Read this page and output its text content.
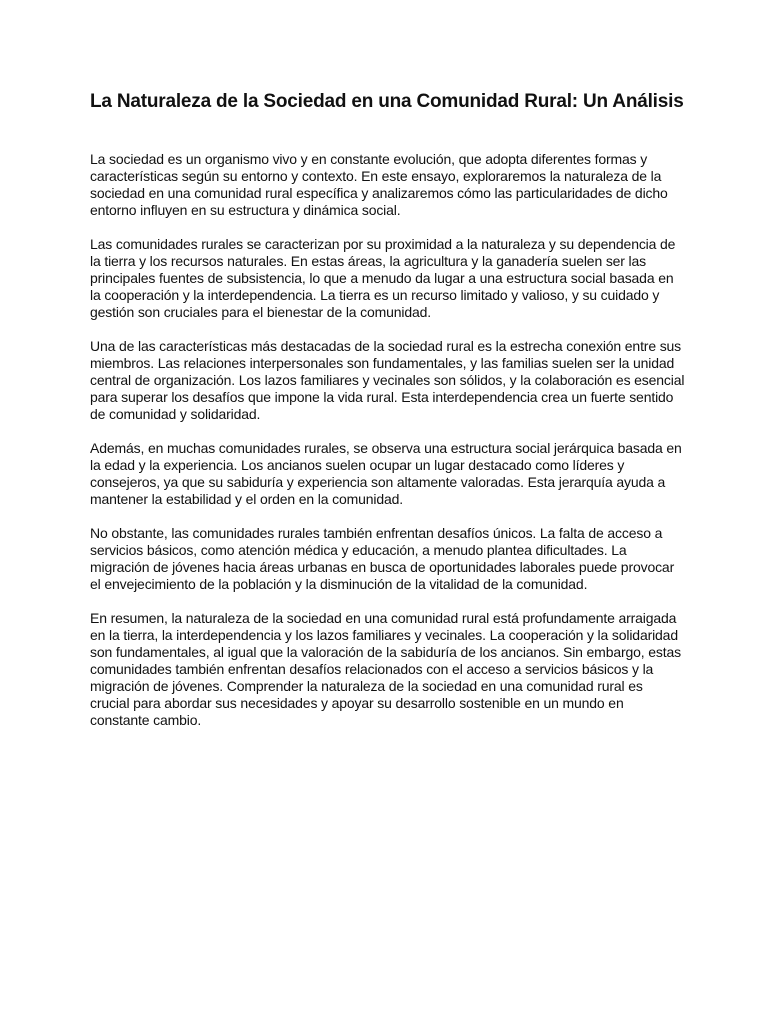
La Naturaleza de la Sociedad en una Comunidad Rural: Un Análisis

La sociedad es un organismo vivo y en constante evolución, que adopta diferentes formas y características según su entorno y contexto. En este ensayo, exploraremos la naturaleza de la sociedad en una comunidad rural específica y analizaremos cómo las particularidades de dicho entorno influyen en su estructura y dinámica social.

Las comunidades rurales se caracterizan por su proximidad a la naturaleza y su dependencia de la tierra y los recursos naturales. En estas áreas, la agricultura y la ganadería suelen ser las principales fuentes de subsistencia, lo que a menudo da lugar a una estructura social basada en la cooperación y la interdependencia. La tierra es un recurso limitado y valioso, y su cuidado y gestión son cruciales para el bienestar de la comunidad.

Una de las características más destacadas de la sociedad rural es la estrecha conexión entre sus miembros. Las relaciones interpersonales son fundamentales, y las familias suelen ser la unidad central de organización. Los lazos familiares y vecinales son sólidos, y la colaboración es esencial para superar los desafíos que impone la vida rural. Esta interdependencia crea un fuerte sentido de comunidad y solidaridad.

Además, en muchas comunidades rurales, se observa una estructura social jerárquica basada en la edad y la experiencia. Los ancianos suelen ocupar un lugar destacado como líderes y consejeros, ya que su sabiduría y experiencia son altamente valoradas. Esta jerarquía ayuda a mantener la estabilidad y el orden en la comunidad.

No obstante, las comunidades rurales también enfrentan desafíos únicos. La falta de acceso a servicios básicos, como atención médica y educación, a menudo plantea dificultades. La migración de jóvenes hacia áreas urbanas en busca de oportunidades laborales puede provocar el envejecimiento de la población y la disminución de la vitalidad de la comunidad.

En resumen, la naturaleza de la sociedad en una comunidad rural está profundamente arraigada en la tierra, la interdependencia y los lazos familiares y vecinales. La cooperación y la solidaridad son fundamentales, al igual que la valoración de la sabiduría de los ancianos. Sin embargo, estas comunidades también enfrentan desafíos relacionados con el acceso a servicios básicos y la migración de jóvenes. Comprender la naturaleza de la sociedad en una comunidad rural es crucial para abordar sus necesidades y apoyar su desarrollo sostenible en un mundo en constante cambio.
